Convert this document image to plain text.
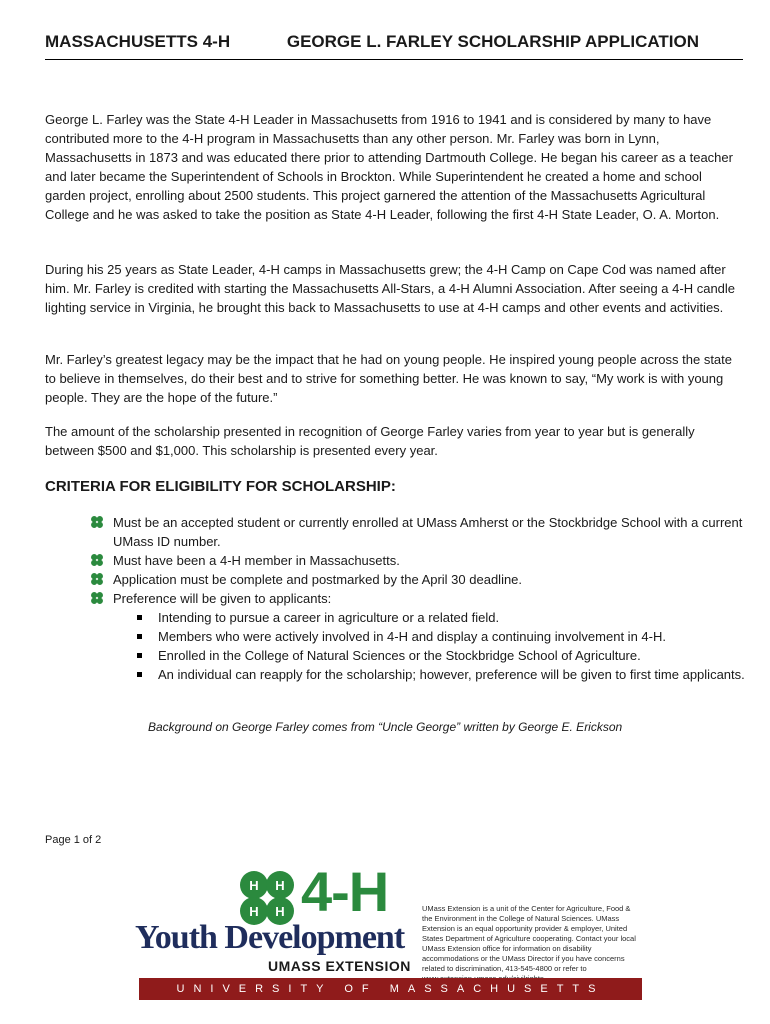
MASSACHUSETTS 4-H	GEORGE L. FARLEY SCHOLARSHIP APPLICATION

George L. Farley was the State 4-H Leader in Massachusetts from 1916 to 1941 and is considered by many to have contributed more to the 4-H program in Massachusetts than any other person. Mr. Farley was born in Lynn, Massachusetts in 1873 and was educated there prior to attending Dartmouth College. He began his career as a teacher and later became the Superintendent of Schools in Brockton. While Superintendent he created a home and school garden project, enrolling about 2500 students. This project garnered the attention of the Massachusetts Agricultural College and he was asked to take the position as State 4-H Leader, following the first 4-H State Leader, O. A. Morton.

During his 25 years as State Leader, 4-H camps in Massachusetts grew; the 4-H Camp on Cape Cod was named after him. Mr. Farley is credited with starting the Massachusetts All-Stars, a 4-H Alumni Association. After seeing a 4-H candle lighting service in Virginia, he brought this back to Massachusetts to use at 4-H camps and other events and activities.

Mr. Farley’s greatest legacy may be the impact that he had on young people. He inspired young people across the state to believe in themselves, do their best and to strive for something better. He was known to say, “My work is with young people. They are the hope of the future.”

The amount of the scholarship presented in recognition of George Farley varies from year to year but is generally between $500 and $1,000. This scholarship is presented every year.

CRITERIA FOR ELIGIBILITY FOR SCHOLARSHIP:
Must be an accepted student or currently enrolled at UMass Amherst or the Stockbridge School with a current UMass ID number.
Must have been a 4-H member in Massachusetts.
Application must be complete and postmarked by the April 30 deadline.
Preference will be given to applicants:
Intending to pursue a career in agriculture or a related field.
Members who were actively involved in 4-H and display a continuing involvement in 4-H.
Enrolled in the College of Natural Sciences or the Stockbridge School of Agriculture.
An individual can reapply for the scholarship; however, preference will be given to first time applicants.
Background on George Farley comes from “Uncle George” written by George E. Erickson
Page 1 of 2
H H
H H 4-H
Youth Development
UMASS EXTENSION
UMass Extension is a unit of the Center for Agriculture, Food & the Environment in the College of Natural Sciences. UMass Extension is an equal opportunity provider & employer, United States Department of Agriculture cooperating. Contact your local UMass Extension office for information on disability accommodations or the UMass Director if you have concerns related to discrimination, 413-545-4800 or refer to
UNIVERSITY OF MASSACHUSETTS AMHERST
